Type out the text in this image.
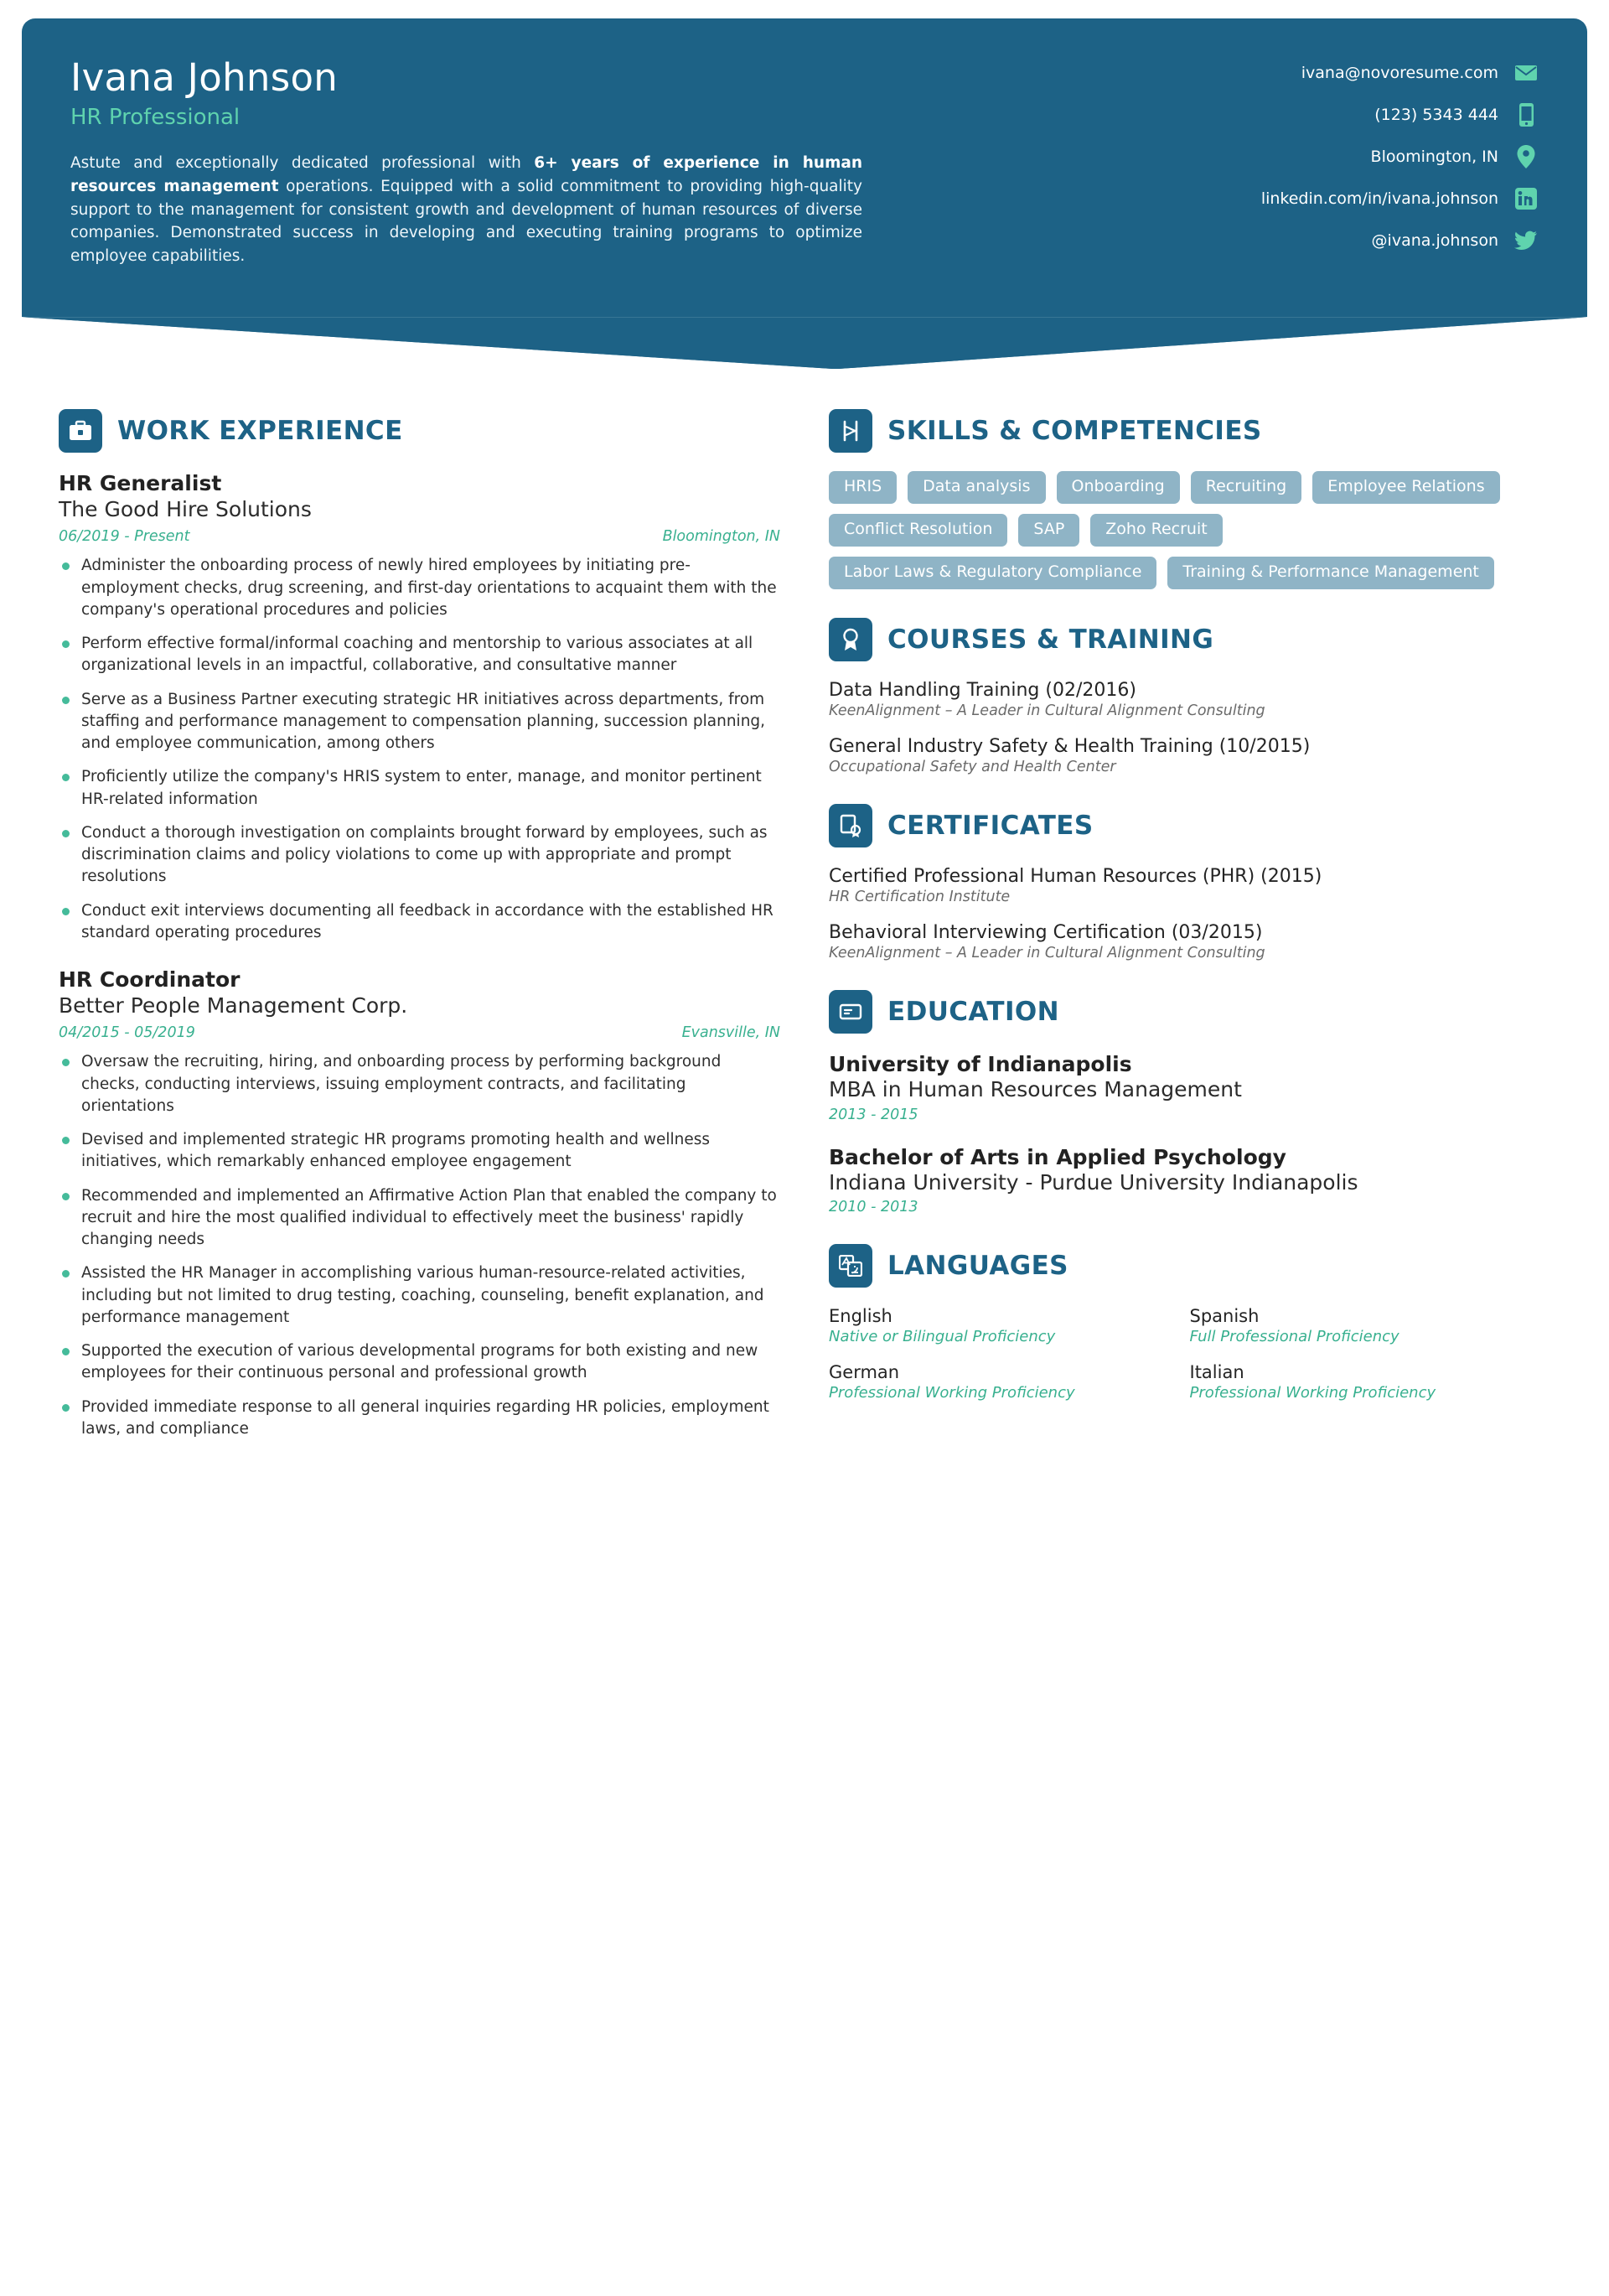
Ivana Johnson
HR Professional

Astute and exceptionally dedicated professional with 6+ years of experience in human resources management operations. Equipped with a solid commitment to providing high-quality support to the management for consistent growth and development of human resources of diverse companies. Demonstrated success in developing and executing training programs to optimize employee capabilities.

ivana@novoresume.com
(123) 5343 444
Bloomington, IN
linkedin.com/in/ivana.johnson
@ivana.johnson
WORK EXPERIENCE
HR Generalist
The Good Hire Solutions
06/2019 - Present	Bloomington, IN
Administer the onboarding process of newly hired employees by initiating pre-employment checks, drug screening, and first-day orientations to acquaint them with the company's operational procedures and policies
Perform effective formal/informal coaching and mentorship to various associates at all organizational levels in an impactful, collaborative, and consultative manner
Serve as a Business Partner executing strategic HR initiatives across departments, from staffing and performance management to compensation planning, succession planning, and employee communication, among others
Proficiently utilize the company's HRIS system to enter, manage, and monitor pertinent HR-related information
Conduct a thorough investigation on complaints brought forward by employees, such as discrimination claims and policy violations to come up with appropriate and prompt resolutions
Conduct exit interviews documenting all feedback in accordance with the established HR standard operating procedures
HR Coordinator
Better People Management Corp.
04/2015 - 05/2019	Evansville, IN
Oversaw the recruiting, hiring, and onboarding process by performing background checks, conducting interviews, issuing employment contracts, and facilitating orientations
Devised and implemented strategic HR programs promoting health and wellness initiatives, which remarkably enhanced employee engagement
Recommended and implemented an Affirmative Action Plan that enabled the company to recruit and hire the most qualified individual to effectively meet the business' rapidly changing needs
Assisted the HR Manager in accomplishing various human-resource-related activities, including but not limited to drug testing, coaching, counseling, benefit explanation, and performance management
Supported the execution of various developmental programs for both existing and new employees for their continuous personal and professional growth
Provided immediate response to all general inquiries regarding HR policies, employment laws, and compliance
SKILLS & COMPETENCIES
HRIS	Data analysis	Onboarding	Recruiting	Employee Relations
Conflict Resolution	SAP	Zoho Recruit
Labor Laws & Regulatory Compliance	Training & Performance Management
COURSES & TRAINING
Data Handling Training (02/2016)
KeenAlignment – A Leader in Cultural Alignment Consulting
General Industry Safety & Health Training (10/2015)
Occupational Safety and Health Center
CERTIFICATES
Certified Professional Human Resources (PHR) (2015)
HR Certification Institute
Behavioral Interviewing Certification (03/2015)
KeenAlignment – A Leader in Cultural Alignment Consulting
EDUCATION
University of Indianapolis
MBA in Human Resources Management
2013 - 2015
Bachelor of Arts in Applied Psychology
Indiana University - Purdue University Indianapolis
2010 - 2013
LANGUAGES
English
Native or Bilingual Proficiency
Spanish
Full Professional Proficiency
German
Professional Working Proficiency
Italian
Professional Working Proficiency
